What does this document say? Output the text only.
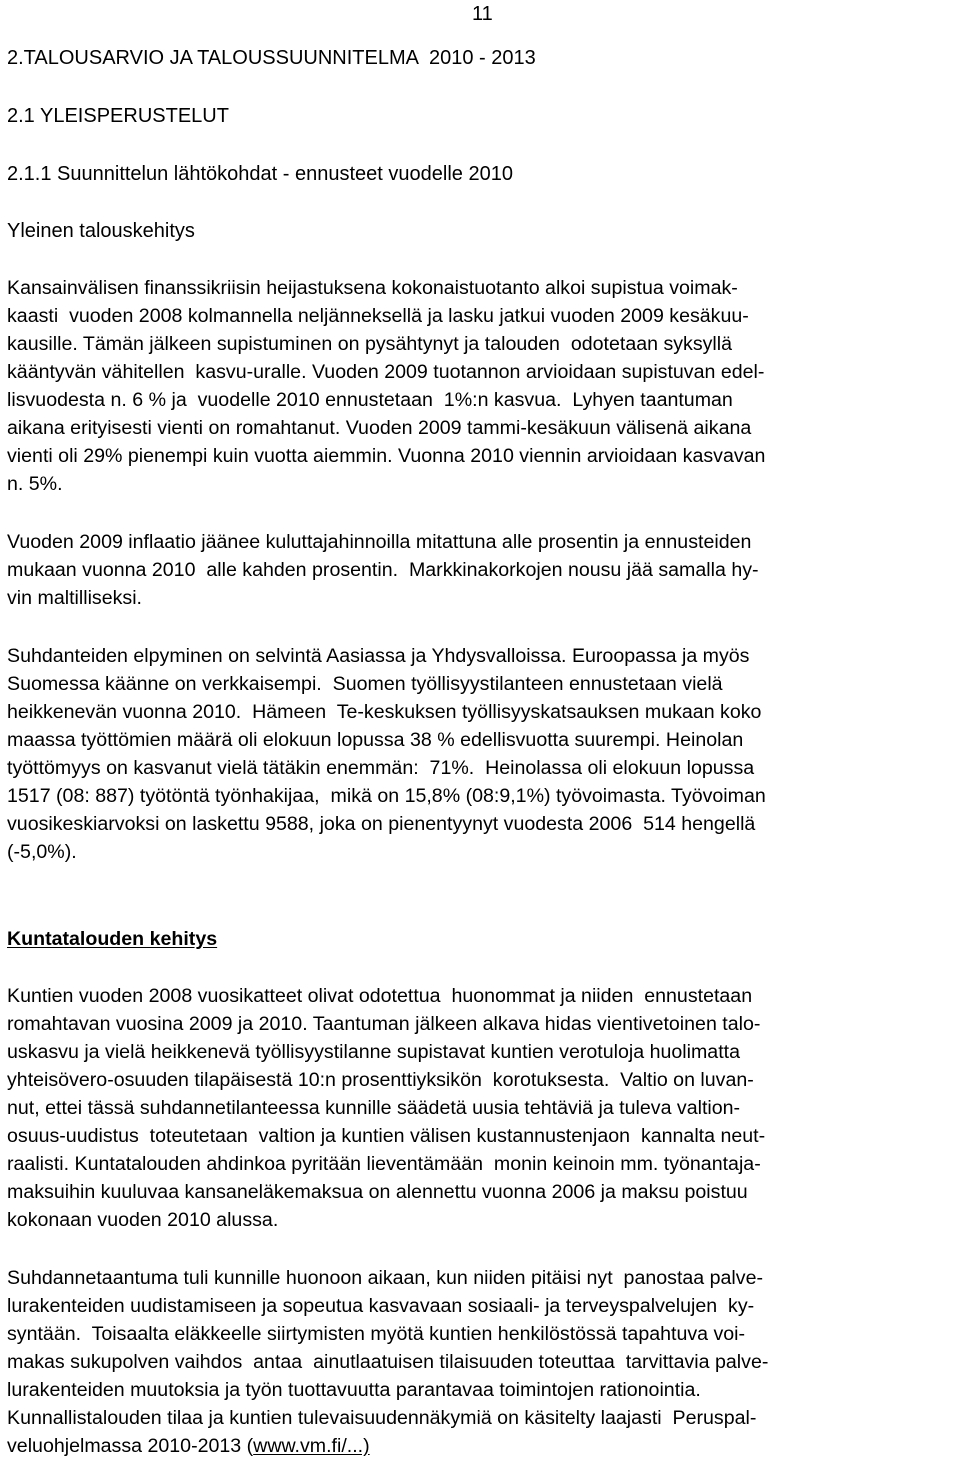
11
2.TALOUSARVIO JA TALOUSSUUNNITELMA  2010 - 2013
2.1 YLEISPERUSTELUT
2.1.1 Suunnittelun lähtökohdat - ennusteet vuodelle 2010
Yleinen talouskehitys
Kansainvälisen finanssikriisin heijastuksena kokonaistuotanto alkoi supistua voimak-
kaasti  vuoden 2008 kolmannella neljänneksellä ja lasku jatkui vuoden 2009 kesäkuu-
kausille. Tämän jälkeen supistuminen on pysähtynyt ja talouden  odotetaan syksyllä
kääntyvän vähitellen  kasvu-uralle. Vuoden 2009 tuotannon arvioidaan supistuvan edel-
lisvuodesta n. 6 % ja  vuodelle 2010 ennustetaan  1%:n kasvua.  Lyhyen taantuman
aikana erityisesti vienti on romahtanut. Vuoden 2009 tammi-kesäkuun välisenä aikana
vienti oli 29% pienempi kuin vuotta aiemmin. Vuonna 2010 viennin arvioidaan kasvavan
n. 5%.
Vuoden 2009 inflaatio jäänee kuluttajahinnoilla mitattuna alle prosentin ja ennusteiden
mukaan vuonna 2010  alle kahden prosentin.  Markkinakorkojen nousu jää samalla hy-
vin maltilliseksi.
Suhdanteiden elpyminen on selvintä Aasiassa ja Yhdysvalloissa. Euroopassa ja myös
Suomessa käänne on verkkaisempi.  Suomen työllisyystilanteen ennustetaan vielä
heikkenevän vuonna 2010.  Hämeen  Te-keskuksen työllisyyskatsauksen mukaan koko
maassa työttömien määrä oli elokuun lopussa 38 % edellisvuotta suurempi. Heinolan
työttömyys on kasvanut vielä tätäkin enemmän:  71%.  Heinolassa oli elokuun lopussa
1517 (08: 887) työtöntä työnhakijaa,  mikä on 15,8% (08:9,1%) työvoimasta. Työvoiman
vuosikeskiarvoksi on laskettu 9588, joka on pienentyynyt vuodesta 2006  514 hengellä
(-5,0%).
Kuntatalouden kehitys
Kuntien vuoden 2008 vuosikatteet olivat odotettua  huonommat ja niiden  ennustetaan
romahtavan vuosina 2009 ja 2010. Taantuman jälkeen alkava hidas vientivetoinen talo-
uskasvu ja vielä heikkenevä työllisyystilanne supistavat kuntien verotuloja huolimatta
yhteisövero-osuuden tilapäisestä 10:n prosenttiyksikön  korotuksesta.  Valtio on luvan-
nut, ettei tässä suhdannetilanteessa kunnille säädetä uusia tehtäviä ja tuleva valtion-
osuus-uudistus  toteutetaan  valtion ja kuntien välisen kustannustenjaon  kannalta neut-
raalisti. Kuntatalouden ahdinkoa pyritään lieventämään  monin keinoin mm. työnantaja-
maksuihin kuuluvaa kansaneläkemaksua on alennettu vuonna 2006 ja maksu poistuu
kokonaan vuoden 2010 alussa.
Suhdannetaantuma tuli kunnille huonoon aikaan, kun niiden pitäisi nyt  panostaa palve-
lurakenteiden uudistamiseen ja sopeutua kasvavaan sosiaali- ja terveyspalvelujen  ky-
syntään.  Toisaalta eläkkeelle siirtymisten myötä kuntien henkilöstössä tapahtuva voi-
makas sukupolven vaihdos  antaa  ainutlaatuisen tilaisuuden toteuttaa  tarvittavia palve-
lurakenteiden muutoksia ja työn tuottavuutta parantavaa toimintojen rationointia.
Kunnallistalouden tilaa ja kuntien tulevaisuudennäkymiä on käsitelty laajasti  Peruspal-
veluohjelmassa 2010-2013 (www.vm.fi/...)
